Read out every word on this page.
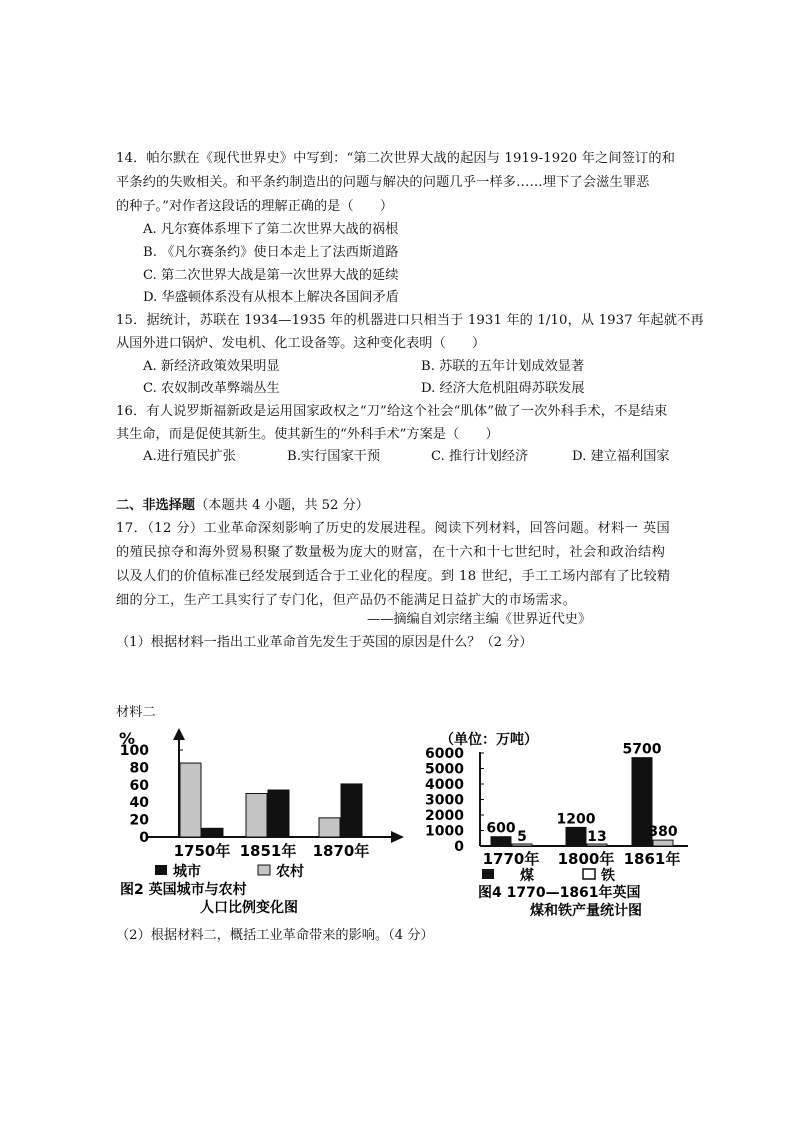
14．帕尔默在《现代世界史》中写到：“第二次世界大战的起因与 1919-1920 年之间签订的和
平条约的失败相关。和平条约制造出的问题与解决的问题几乎一样多……埋下了会滋生罪恶
的种子。”对作者这段话的理解正确的是（　　）
A. 凡尔赛体系埋下了第二次世界大战的祸根
B. 《凡尔赛条约》使日本走上了法西斯道路
C. 第二次世界大战是第一次世界大战的延续
D. 华盛顿体系没有从根本上解决各国间矛盾
15．据统计，苏联在 1934—1935 年的机器进口只相当于 1931 年的 1/10，从 1937 年起就不再
从国外进口锅炉、发电机、化工设备等。这种变化表明（　　）
A. 新经济政策效果明显	B. 苏联的五年计划成效显著
C. 农奴制改革弊端丛生	D. 经济大危机阻碍苏联发展
16．有人说罗斯福新政是运用国家政权之“刀”给这个社会“肌体”做了一次外科手术，不是结束
其生命，而是促使其新生。使其新生的“外科手术”方案是（　　）
A.进行殖民扩张	B.实行国家干预	C. 推行计划经济	D. 建立福利国家
二、非选择题（本题共 4 小题，共 52 分）
17．（12 分）工业革命深刻影响了历史的发展进程。阅读下列材料，回答问题。材料一 英国
的殖民掠夺和海外贸易积聚了数量极为庞大的财富，在十六和十七世纪时，社会和政治结构
以及人们的价值标准已经发展到适合于工业化的程度。到 18 世纪，手工工场内部有了比较精
细的分工，生产工具实行了专门化，但产品仍不能满足日益扩大的市场需求。
——摘编自刘宗绪主编《世界近代史》
（1）根据材料一指出工业革命首先发生于英国的原因是什么？（2 分）
材料二
%
100
80
60
40
20
0
1750年 1851年 1870年
城市	农村
图2 英国城市与农村
人口比例变化图
（单位：万吨）
6000
5000
4000
3000
2000
1000
0
600
5
1200
13
5700
380
1770年 1800年 1861年
煤	铁
图4 1770—1861年英国
煤和铁产量统计图
（2）根据材料二，概括工业革命带来的影响。（4 分）
